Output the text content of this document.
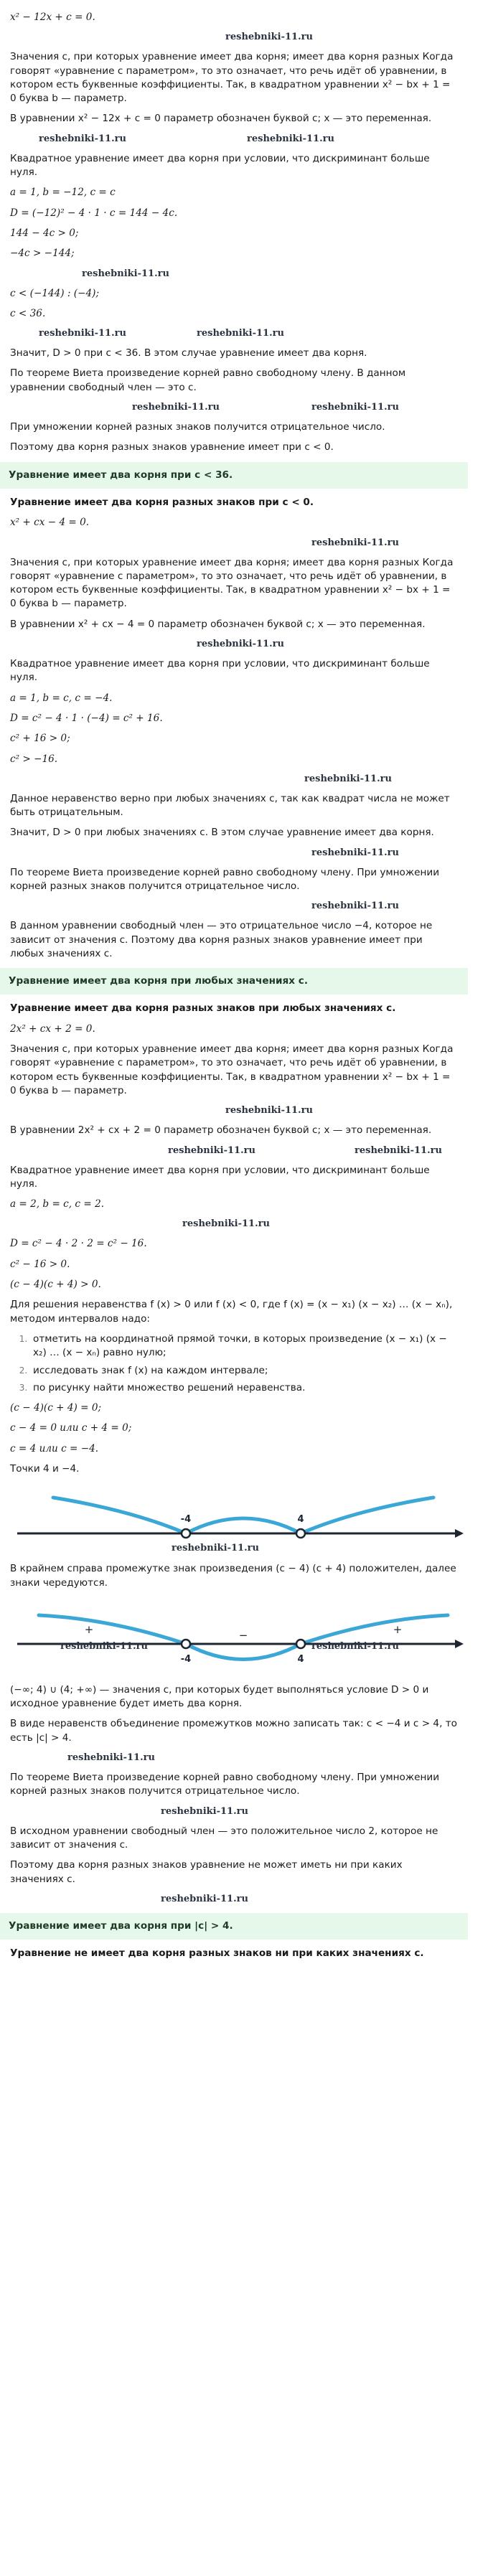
x² − 12x + c = 0.

reshebniki-11.ru

Значения c, при которых уравнение имеет два корня; имеет два корня разных Когда говорят «уравнение с параметром», то это означает, что речь идёт об уравнении, в котором есть буквенные коэффициенты. Так, в квадратном уравнении x² − bx + 1 = 0 буква b — параметр.

В уравнении x² − 12x + c = 0 параметр обозначен буквой c; x — это переменная.

reshebniki-11.ru	reshebniki-11.ru

Квадратное уравнение имеет два корня при условии, что дискриминант больше нуля.

a = 1, b = −12, c = c

D = (−12)² − 4 · 1 · c = 144 − 4c.

144 − 4c > 0;

−4c > −144;

reshebniki-11.ru

c < (−144) : (−4);

c < 36.

reshebniki-11.ru	reshebniki-11.ru

Значит, D > 0 при c < 36. В этом случае уравнение имеет два корня.

По теореме Виета произведение корней равно свободному члену. В данном уравнении свободный член — это c.

reshebniki-11.ru	reshebniki-11.ru

При умножении корней разных знаков получится отрицательное число.

Поэтому два корня разных знаков уравнение имеет при c < 0.

Уравнение имеет два корня при c < 36.

Уравнение имеет два корня разных знаков при c < 0.

x² + cx − 4 = 0.

reshebniki-11.ru

Значения c, при которых уравнение имеет два корня; имеет два корня разных Когда говорят «уравнение с параметром», то это означает, что речь идёт об уравнении, в котором есть буквенные коэффициенты. Так, в квадратном уравнении x² − bx + 1 = 0 буква b — параметр.

В уравнении x² + cx − 4 = 0 параметр обозначен буквой c; x — это переменная.

reshebniki-11.ru

Квадратное уравнение имеет два корня при условии, что дискриминант больше нуля.

a = 1, b = c, c = −4.

D = c² − 4 · 1 · (−4) = c² + 16.

c² + 16 > 0;

c² > −16.

reshebniki-11.ru

Данное неравенство верно при любых значениях c, так как квадрат числа не может быть отрицательным.

Значит, D > 0 при любых значениях c. В этом случае уравнение имеет два корня.

reshebniki-11.ru

По теореме Виета произведение корней равно свободному члену. При умножении корней разных знаков получится отрицательное число.

reshebniki-11.ru

В данном уравнении свободный член — это отрицательное число −4, которое не зависит от значения c. Поэтому два корня разных знаков уравнение имеет при любых значениях c.

Уравнение имеет два корня при любых значениях c.

Уравнение имеет два корня разных знаков при любых значениях c.

2x² + cx + 2 = 0.

Значения c, при которых уравнение имеет два корня; имеет два корня разных Когда говорят «уравнение с параметром», то это означает, что речь идёт об уравнении, в котором есть буквенные коэффициенты. Так, в квадратном уравнении x² − bx + 1 = 0 буква b — параметр.

reshebniki-11.ru

В уравнении 2x² + cx + 2 = 0 параметр обозначен буквой c; x — это переменная.

reshebniki-11.ru	reshebniki-11.ru

Квадратное уравнение имеет два корня при условии, что дискриминант больше нуля.

a = 2, b = c, c = 2.

reshebniki-11.ru

D = c² − 4 · 2 · 2 = c² − 16.

c² − 16 > 0.

(c − 4)(c + 4) > 0.

Для решения неравенства f (x) > 0 или f (x) < 0, где f (x) = (x − x₁) (x − x₂) … (x − xₙ), методом интервалов надо:

1. отметить на координатной прямой точки, в которых произведение (x − x₁) (x − x₂) … (x − xₙ) равно нулю;
2. исследовать знак f (x) на каждом интервале;
3. по рисунку найти множество решений неравенства.

(c − 4)(c + 4) = 0;

c − 4 = 0 или c + 4 = 0;

c = 4 или c = −4.

Точки 4 и −4.

-4	4
reshebniki-11.ru

В крайнем справа промежутке знак произведения (c − 4) (c + 4) положителен, далее знаки чередуются.

+	−	+
-4	4
reshebniki-11.ru	reshebniki-11.ru

(−∞; 4) ∪ (4; +∞) — значения c, при которых будет выполняться условие D > 0 и исходное уравнение будет иметь два корня.

В виде неравенств объединение промежутков можно записать так: c < −4 и c > 4, то есть |c| > 4.

reshebniki-11.ru

По теореме Виета произведение корней равно свободному члену. При умножении корней разных знаков получится отрицательное число.

reshebniki-11.ru

В исходном уравнении свободный член — это положительное число 2, которое не зависит от значения c.

Поэтому два корня разных знаков уравнение не может иметь ни при каких значениях c.

reshebniki-11.ru
Уравнение имеет два корня при |c| > 4.

Уравнение не имеет два корня разных знаков ни при каких значениях c.
